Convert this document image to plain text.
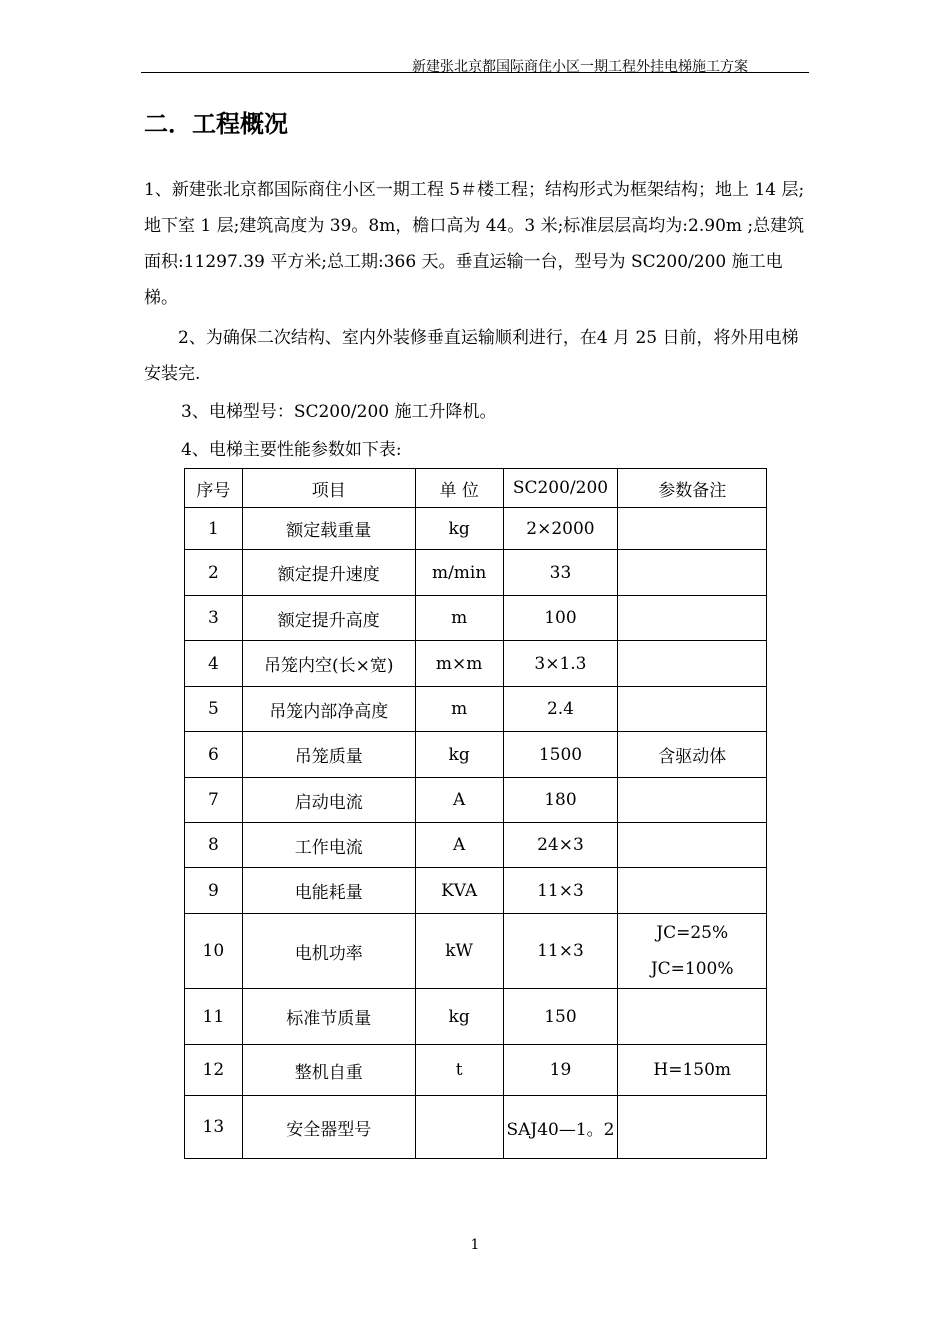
新建张北京都国际商住小区一期工程外挂电梯施工方案
二．工程概况
1、新建张北京都国际商住小区一期工程 5＃楼工程；结构形式为框架结构；地上 14 层;地下室 1 层;建筑高度为 39。8m，檐口高为 44。3 米;标准层层高均为:2.90m ;总建筑面积:11297.39 平方米;总工期:366 天。垂直运输一台，型号为 SC200/200 施工电梯。
2、为确保二次结构、室内外装修垂直运输顺利进行，在4 月 25 日前，将外用电梯安装完.
3、电梯型号：SC200/200 施工升降机。
4、电梯主要性能参数如下表:
序号	项目	单 位	SC200/200	参数备注
1	额定载重量	kg	2×2000	
2	额定提升速度	m/min	33	
3	额定提升高度	m	100	
4	吊笼内空(长×宽)	m×m	3×1.3	
5	吊笼内部净高度	m	2.4	
6	吊笼质量	kg	1500	含驱动体
7	启动电流	A	180	
8	工作电流	A	24×3	
9	电能耗量	KVA	11×3	
10	电机功率	kW	11×3	JC=25%
JC=100%

11	标准节质量	kg	150	
12	整机自重	t	19	H=150m
13	安全器型号		SAJ40—1。2	
1
